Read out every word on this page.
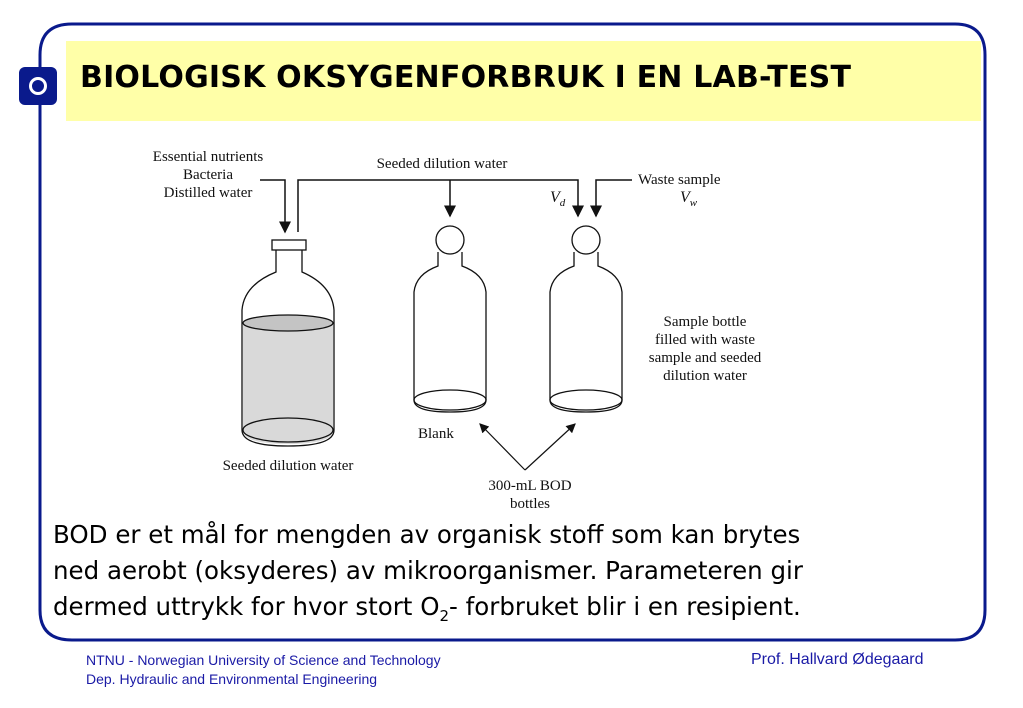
BIOLOGISK OKSYGENFORBRUK I EN LAB-TEST
Essential nutrients
Bacteria
Distilled water
Seeded dilution water
$V_d$
Waste sample
$V_w$
Seeded dilution water
Blank
Sample bottle
filled with waste
sample and seeded
dilution water
300-mL BOD
bottles
BOD er et mål for mengden av organisk stoff som kan brytes
ned aerobt (oksyderes) av mikroorganismer. Parameteren gir
dermed uttrykk for hvor stort $O_2-$ forbruket blir i en resipient.
NTNU - Norwegian University of Science and Technology
Dep. Hydraulic and Environmental Engineering
Prof. Hallvard Ødegaard
